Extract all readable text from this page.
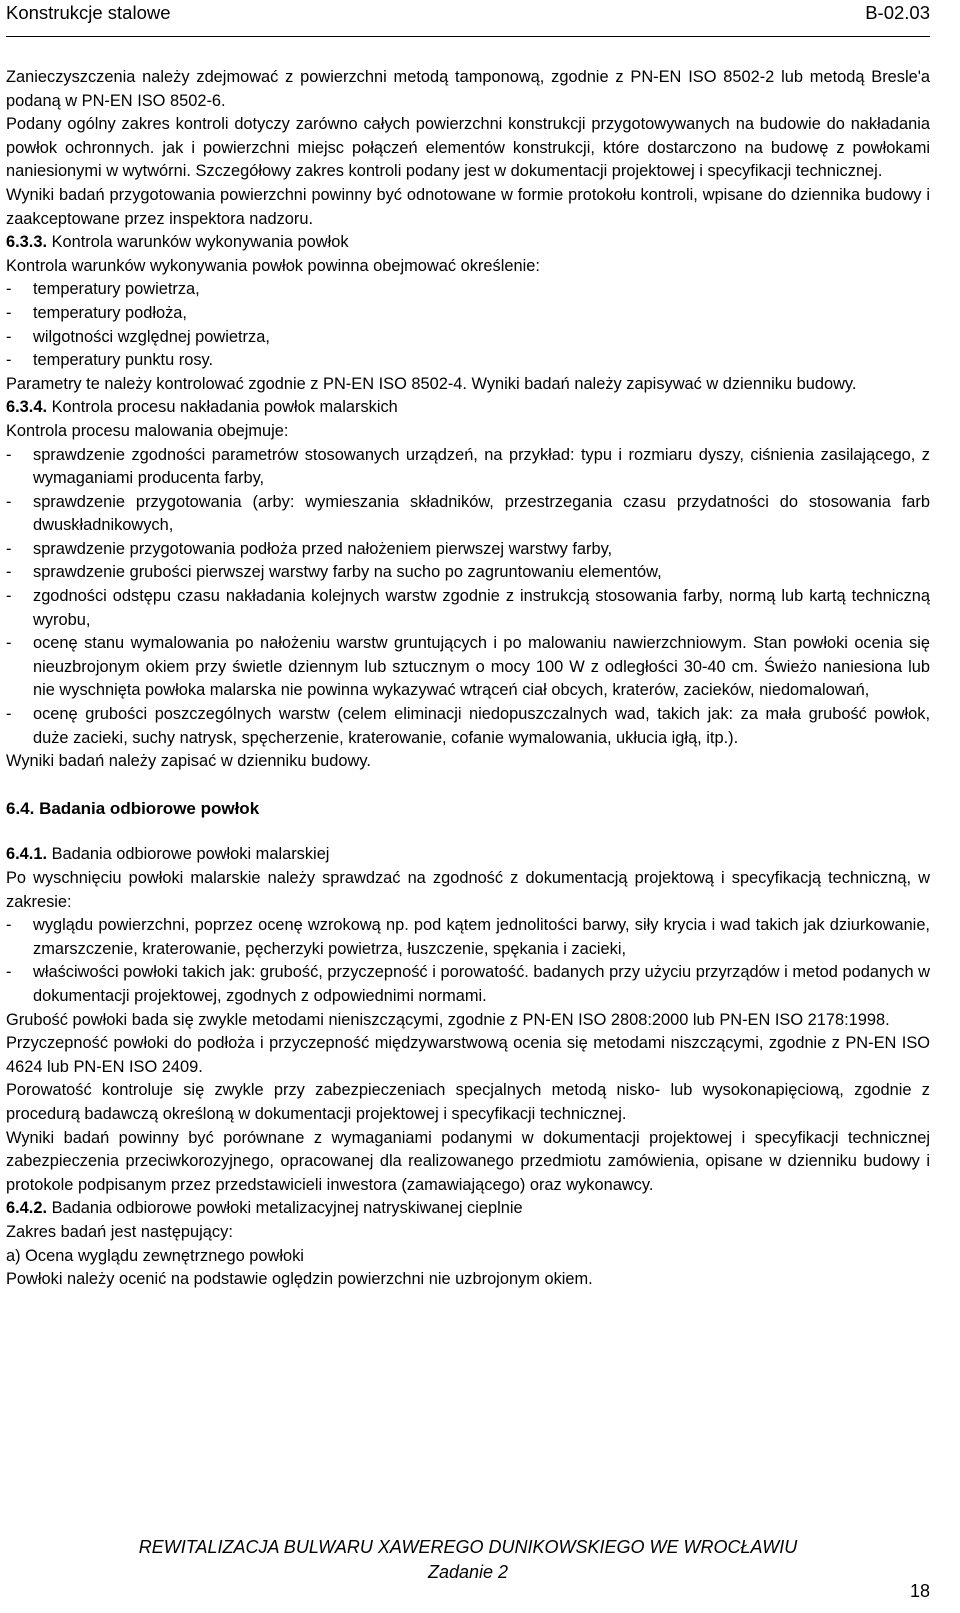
Konstrukcje stalowe	B-02.03

Zanieczyszczenia należy zdejmować z powierzchni metodą tamponową, zgodnie z PN-EN ISO 8502-2 lub metodą Bresle'a podaną w PN-EN ISO 8502-6.

Podany ogólny zakres kontroli dotyczy zarówno całych powierzchni konstrukcji przygotowywanych na budowie do nakładania powłok ochronnych. jak i powierzchni miejsc połączeń elementów konstrukcji, które dostarczono na budowę z powłokami naniesionymi w wytwórni. Szczegółowy zakres kontroli podany jest w dokumentacji projektowej i specyfikacji technicznej.

Wyniki badań przygotowania powierzchni powinny być odnotowane w formie protokołu kontroli, wpisane do dziennika budowy i zaakceptowane przez inspektora nadzoru.

6.3.3. Kontrola warunków wykonywania powłok

Kontrola warunków wykonywania powłok powinna obejmować określenie:

- temperatury powietrza,
- temperatury podłoża,
- wilgotności względnej powietrza,
- temperatury punktu rosy.

Parametry te należy kontrolować zgodnie z PN-EN ISO 8502-4. Wyniki badań należy zapisywać w dzienniku budowy.

6.3.4. Kontrola procesu nakładania powłok malarskich

Kontrola procesu malowania obejmuje:

- sprawdzenie zgodności parametrów stosowanych urządzeń, na przykład: typu i rozmiaru dyszy, ciśnienia zasilającego, z wymaganiami producenta farby,
- sprawdzenie przygotowania (arby: wymieszania składników, przestrzegania czasu przydatności do stosowania farb dwuskładnikowych,
- sprawdzenie przygotowania podłoża przed nałożeniem pierwszej warstwy farby,
- sprawdzenie grubości pierwszej warstwy farby na sucho po zagruntowaniu elementów,
- zgodności odstępu czasu nakładania kolejnych warstw zgodnie z instrukcją stosowania farby, normą lub kartą techniczną wyrobu,
- ocenę stanu wymalowania po nałożeniu warstw gruntujących i po malowaniu nawierzchniowym. Stan powłoki ocenia się nieuzbrojonym okiem przy świetle dziennym lub sztucznym o mocy 100 W z odległości 30-40 cm. Świeżo naniesiona lub nie wyschnięta powłoka malarska nie powinna wykazywać wtrąceń ciał obcych, kraterów, zacieków, niedomalowań,
- ocenę grubości poszczególnych warstw (celem eliminacji niedopuszczalnych wad, takich jak: za mała grubość powłok, duże zacieki, suchy natrysk, spęcherzenie, kraterowanie, cofanie wymalowania, ukłucia igłą, itp.).

Wyniki badań należy zapisać w dzienniku budowy.

6.4. Badania odbiorowe powłok

6.4.1. Badania odbiorowe powłoki malarskiej

Po wyschnięciu powłoki malarskie należy sprawdzać na zgodność z dokumentacją projektową i specyfikacją techniczną, w zakresie:

- wyglądu powierzchni, poprzez ocenę wzrokową np. pod kątem jednolitości barwy, siły krycia i wad takich jak dziurkowanie, zmarszczenie, kraterowanie, pęcherzyki powietrza, łuszczenie, spękania i zacieki,
- właściwości powłoki takich jak: grubość, przyczepność i porowatość. badanych przy użyciu przyrządów i metod podanych w dokumentacji projektowej, zgodnych z odpowiednimi normami.

Grubość powłoki bada się zwykle metodami nieniszczącymi, zgodnie z PN-EN ISO 2808:2000 lub PN-EN ISO 2178:1998.

Przyczepność powłoki do podłoża i przyczepność międzywarstwową ocenia się metodami niszczącymi, zgodnie z PN-EN ISO 4624 lub PN-EN ISO 2409.

Porowatość kontroluje się zwykle przy zabezpieczeniach specjalnych metodą nisko- lub wysokonapięciową, zgodnie z procedurą badawczą określoną w dokumentacji projektowej i specyfikacji technicznej.

Wyniki badań powinny być porównane z wymaganiami podanymi w dokumentacji projektowej i specyfikacji technicznej zabezpieczenia przeciwkorozyjnego, opracowanej dla realizowanego przedmiotu zamówienia, opisane w dzienniku budowy i protokole podpisanym przez przedstawicieli inwestora (zamawiającego) oraz wykonawcy.

6.4.2. Badania odbiorowe powłoki metalizacyjnej natryskiwanej cieplnie

Zakres badań jest następujący:

a) Ocena wyglądu zewnętrznego powłoki

Powłoki należy ocenić na podstawie oględzin powierzchni nie uzbrojonym okiem.

REWITALIZACJA BULWARU XAWEREGO DUNIKOWSKIEGO WE WROCŁAWIU
Zadanie 2
18
